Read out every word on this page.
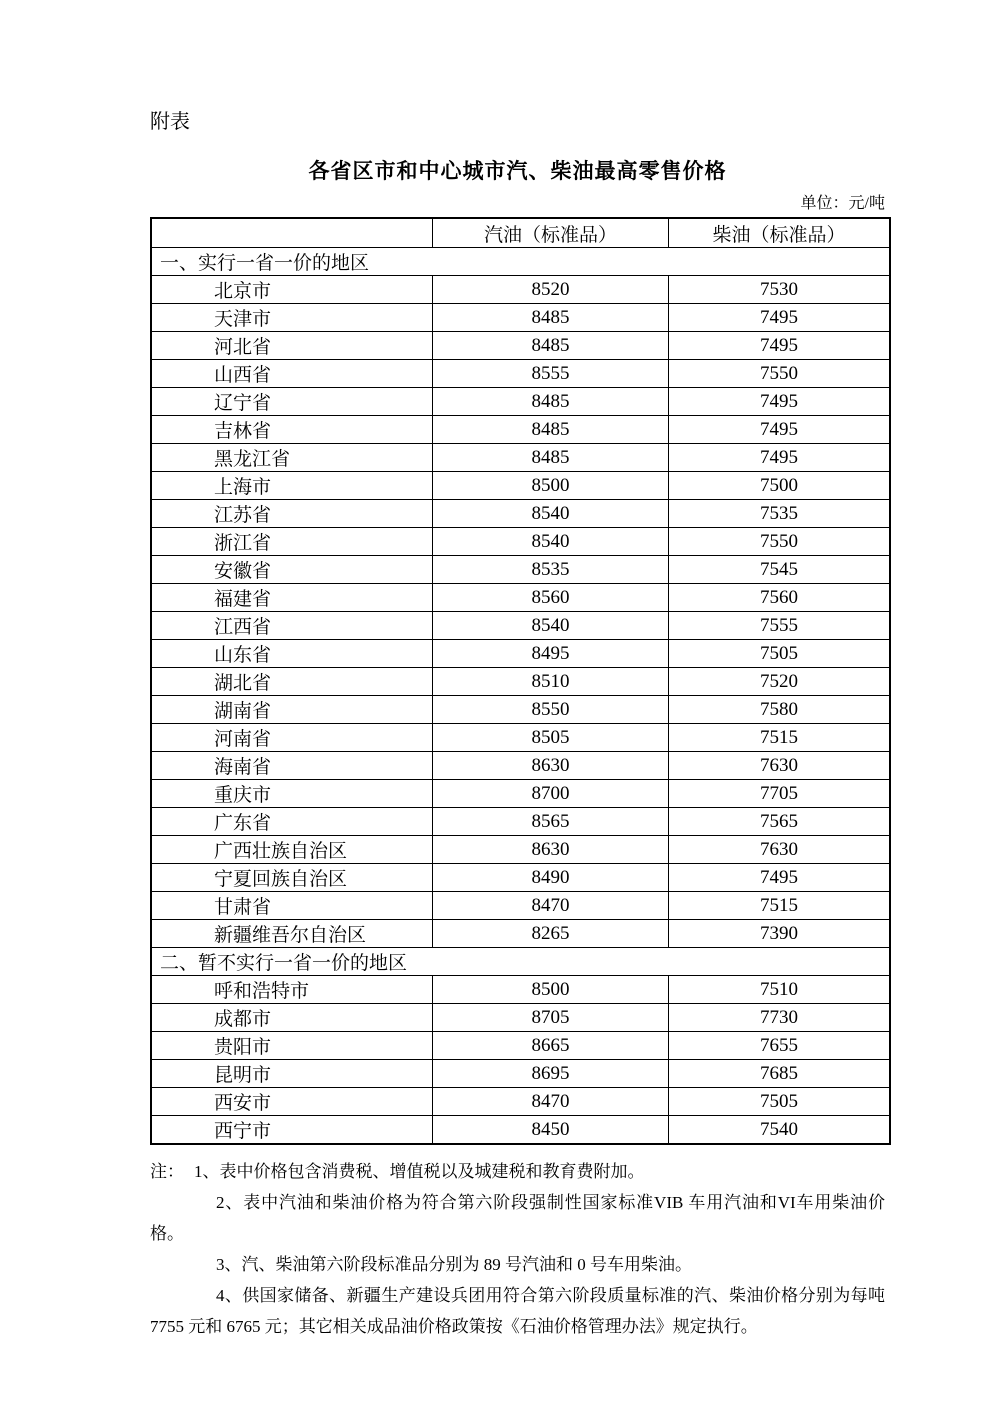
附表

各省区市和中心城市汽、柴油最高零售价格

单位：元/吨

	汽油（标准品）	柴油（标准品）
一、实行一省一价的地区		
北京市	8520	7530
天津市	8485	7495
河北省	8485	7495
山西省	8555	7550
辽宁省	8485	7495
吉林省	8485	7495
黑龙江省	8485	7495
上海市	8500	7500
江苏省	8540	7535
浙江省	8540	7550
安徽省	8535	7545
福建省	8560	7560
江西省	8540	7555
山东省	8495	7505
湖北省	8510	7520
湖南省	8550	7580
河南省	8505	7515
海南省	8630	7630
重庆市	8700	7705
广东省	8565	7565
广西壮族自治区	8630	7630
宁夏回族自治区	8490	7495
甘肃省	8470	7515
新疆维吾尔自治区	8265	7390
二、暂不实行一省一价的地区		
呼和浩特市	8500	7510
成都市	8705	7730
贵阳市	8665	7655
昆明市	8695	7685
西安市	8470	7505
西宁市	8450	7540

注： 1、表中价格包含消费税、增值税以及城建税和教育费附加。

2、表中汽油和柴油价格为符合第六阶段强制性国家标准VIB 车用汽油和VI车用柴油价格。

3、汽、柴油第六阶段标准品分别为 89 号汽油和 0 号车用柴油。

4、供国家储备、新疆生产建设兵团用符合第六阶段质量标准的汽、柴油价格分别为每吨 7755 元和 6765 元；其它相关成品油价格政策按《石油价格管理办法》规定执行。
